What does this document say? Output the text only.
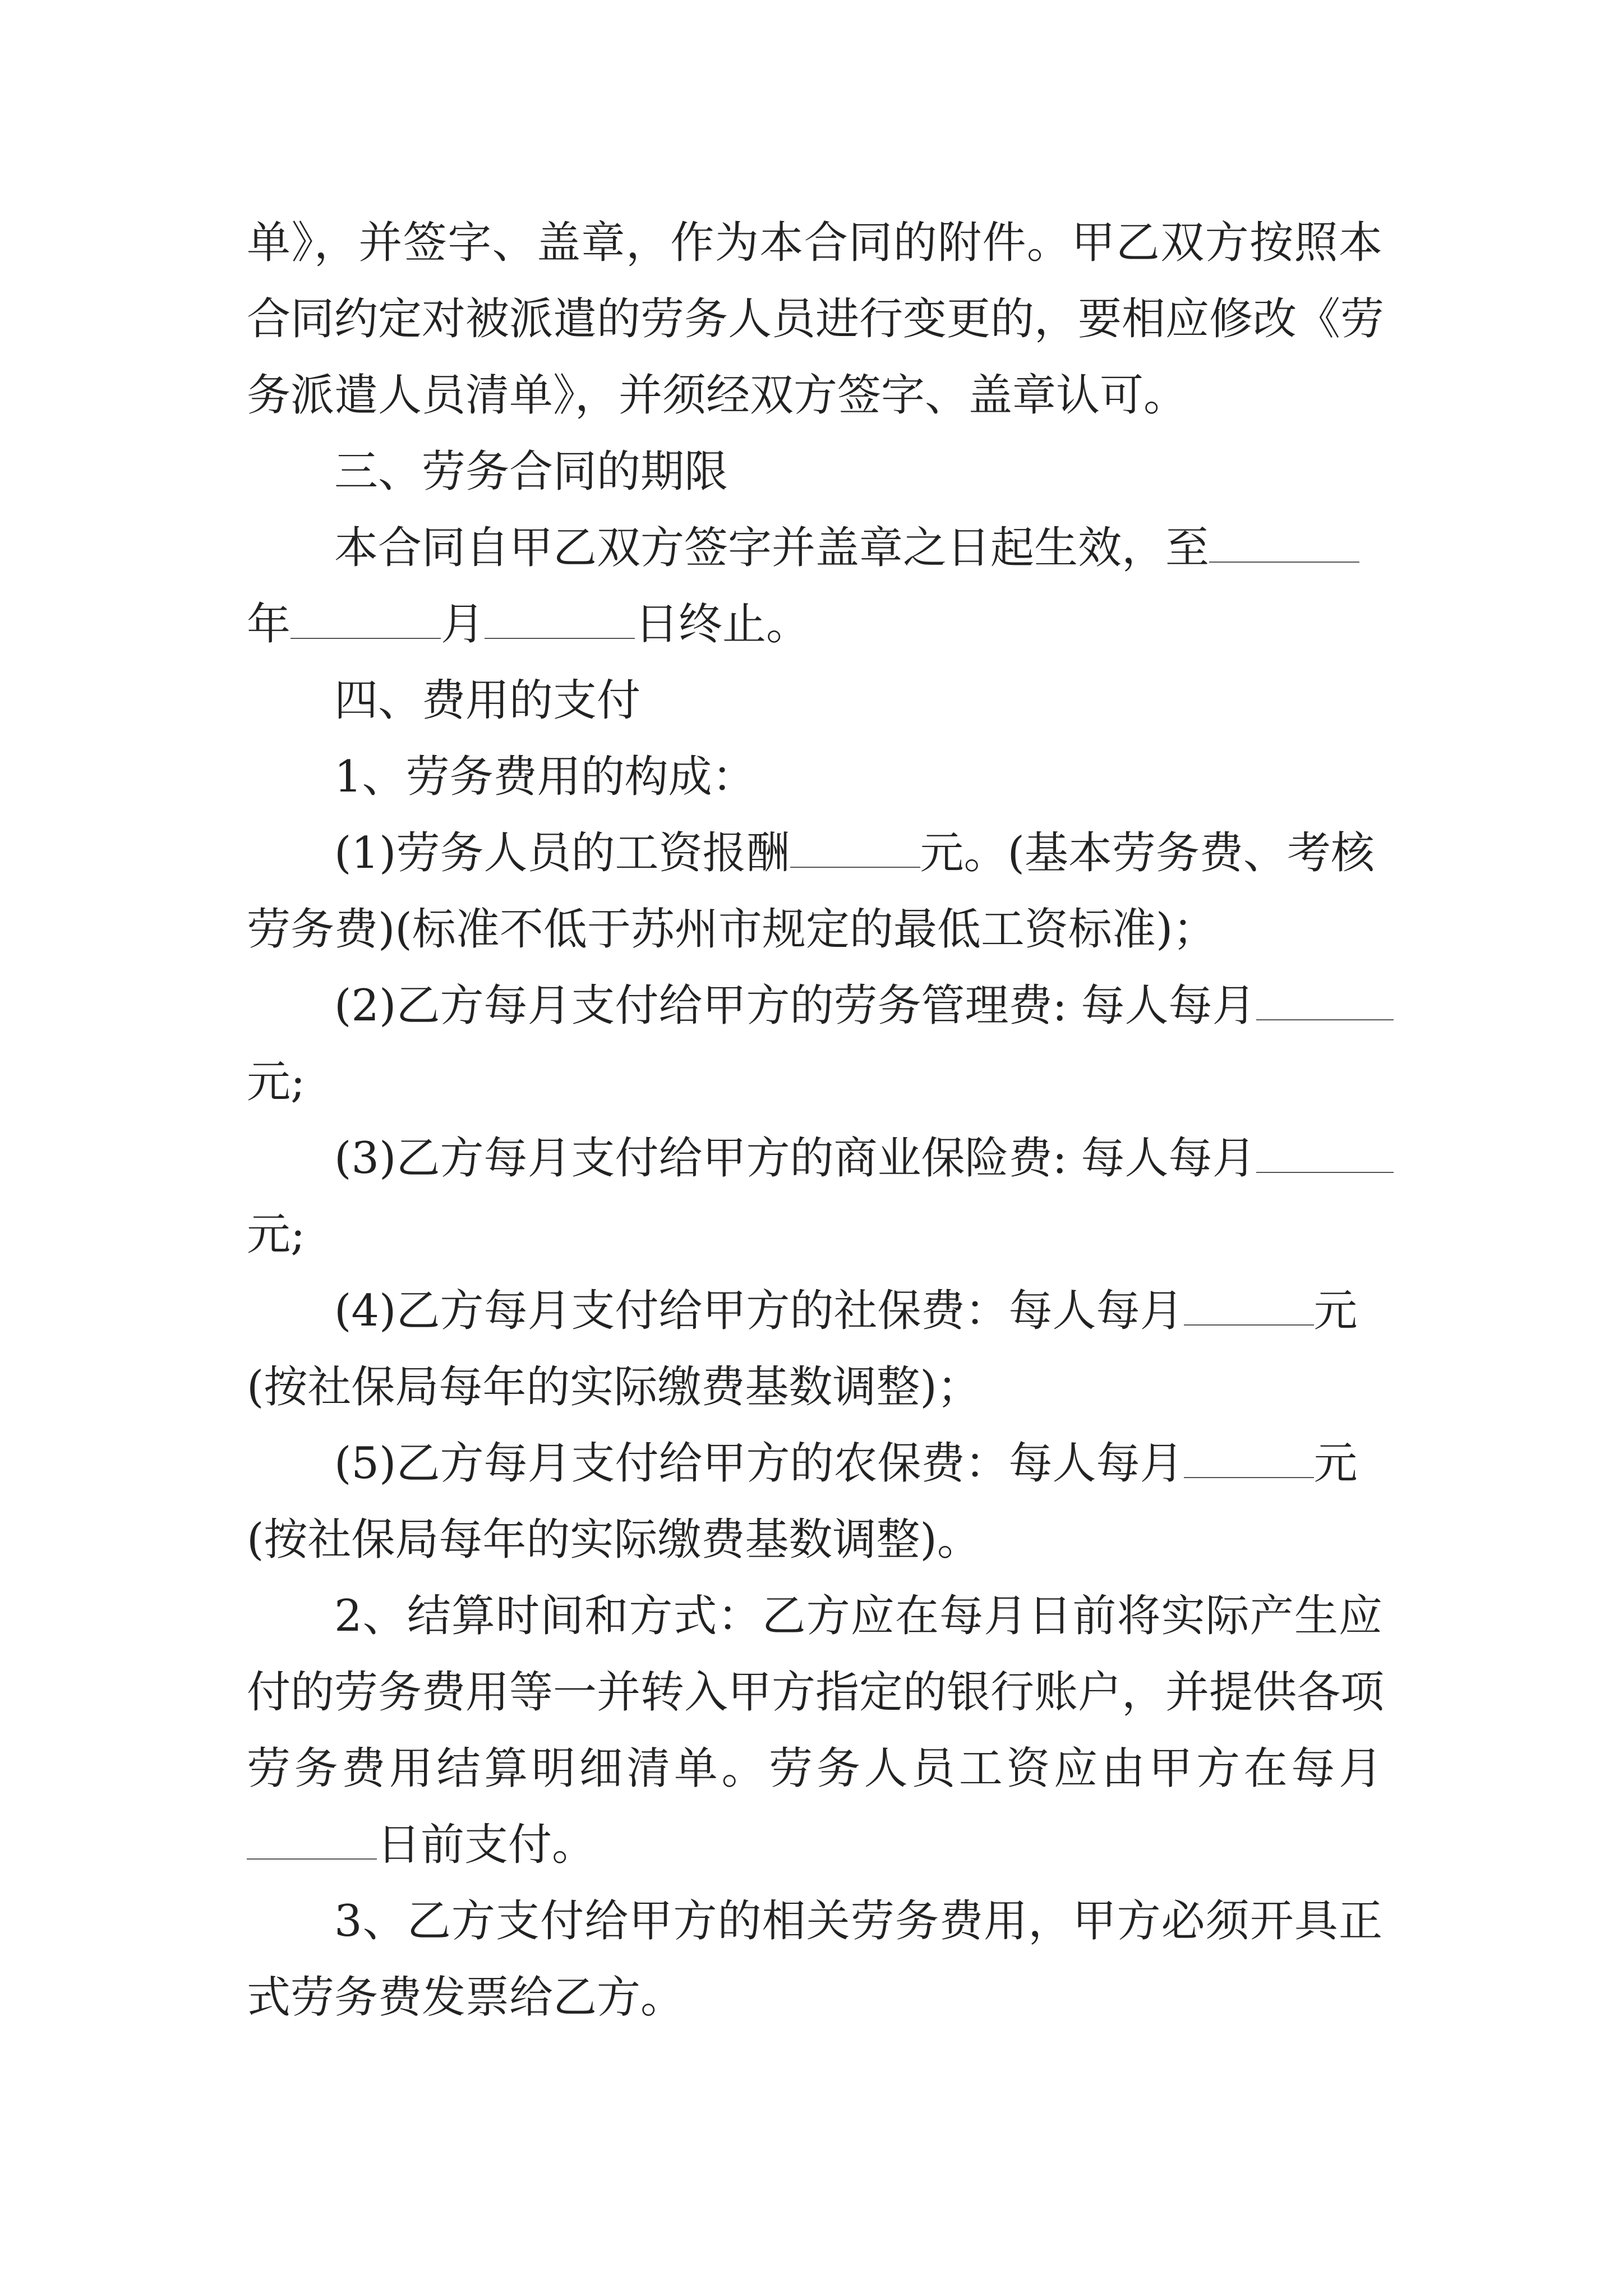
单》，并签字、盖章，作为本合同的附件。甲乙双方按照本
合同约定对被派遣的劳务人员进行变更的，要相应修改《劳
务派遣人员清单》，并须经双方签字、盖章认可。
三、劳务合同的期限
本合同自甲乙双方签字并盖章之日起生效，至
年	月	日终止。
四、费用的支付
1、劳务费用的构成：
(1)劳务人员的工资报酬	元。(基本劳务费、考核
劳务费)(标准不低于苏州市规定的最低工资标准)；
(2)乙方每月支付给甲方的劳务管理费: 每人每月
元;
(3)乙方每月支付给甲方的商业保险费: 每人每月
元;
(4)乙方每月支付给甲方的社保费：每人每月	元
(按社保局每年的实际缴费基数调整)；
(5)乙方每月支付给甲方的农保费：每人每月	元
(按社保局每年的实际缴费基数调整)。
2、结算时间和方式：乙方应在每月日前将实际产生应
付的劳务费用等一并转入甲方指定的银行账户，并提供各项
劳务费用结算明细清单。劳务人员工资应由甲方在每月
日前支付。
3、乙方支付给甲方的相关劳务费用，甲方必须开具正
式劳务费发票给乙方。
